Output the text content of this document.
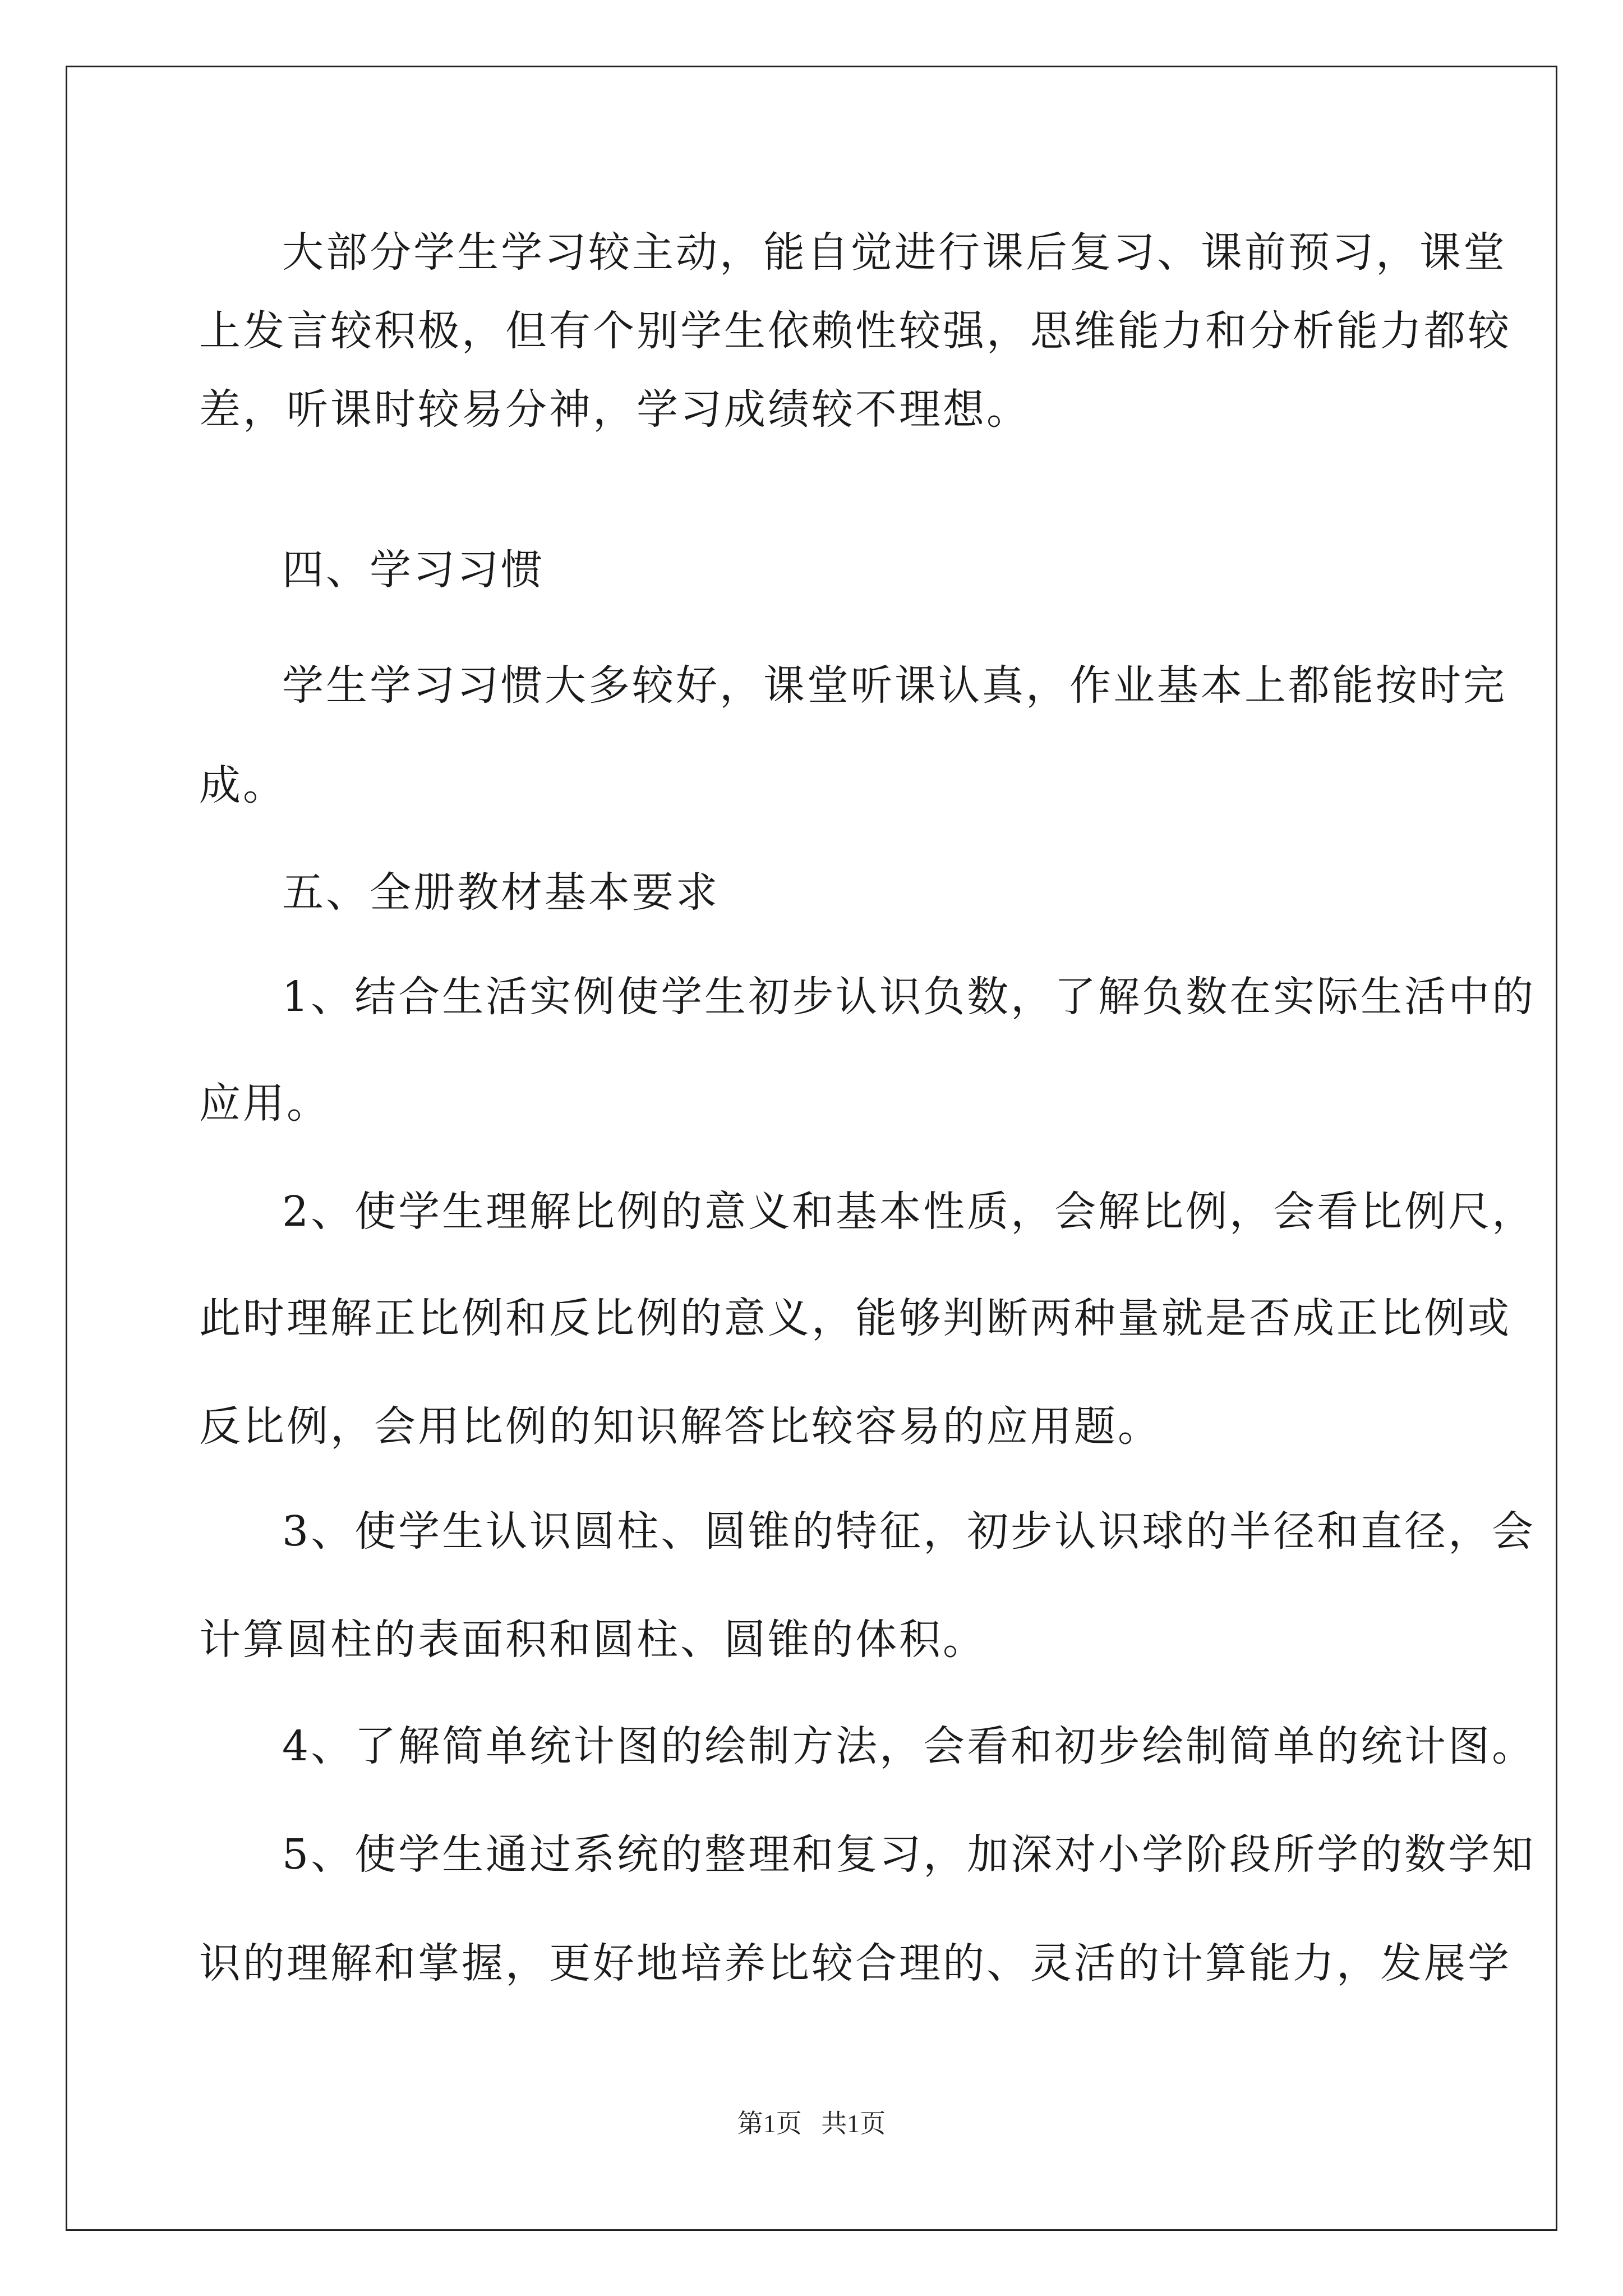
大部分学生学习较主动，能自觉进行课后复习、课前预习，课堂
上发言较积极，但有个别学生依赖性较强，思维能力和分析能力都较
差，听课时较易分神，学习成绩较不理想。
四、学习习惯
学生学习习惯大多较好，课堂听课认真，作业基本上都能按时完
成。
五、全册教材基本要求
1、结合生活实例使学生初步认识负数，了解负数在实际生活中的
应用。
2、使学生理解比例的意义和基本性质，会解比例，会看比例尺，
此时理解正比例和反比例的意义，能够判断两种量就是否成正比例或
反比例，会用比例的知识解答比较容易的应用题。
3、使学生认识圆柱、圆锥的特征，初步认识球的半径和直径，会
计算圆柱的表面积和圆柱、圆锥的体积。
4、了解简单统计图的绘制方法，会看和初步绘制简单的统计图。
5、使学生通过系统的整理和复习，加深对小学阶段所学的数学知
识的理解和掌握，更好地培养比较合理的、灵活的计算能力，发展学
第1页   共1页
